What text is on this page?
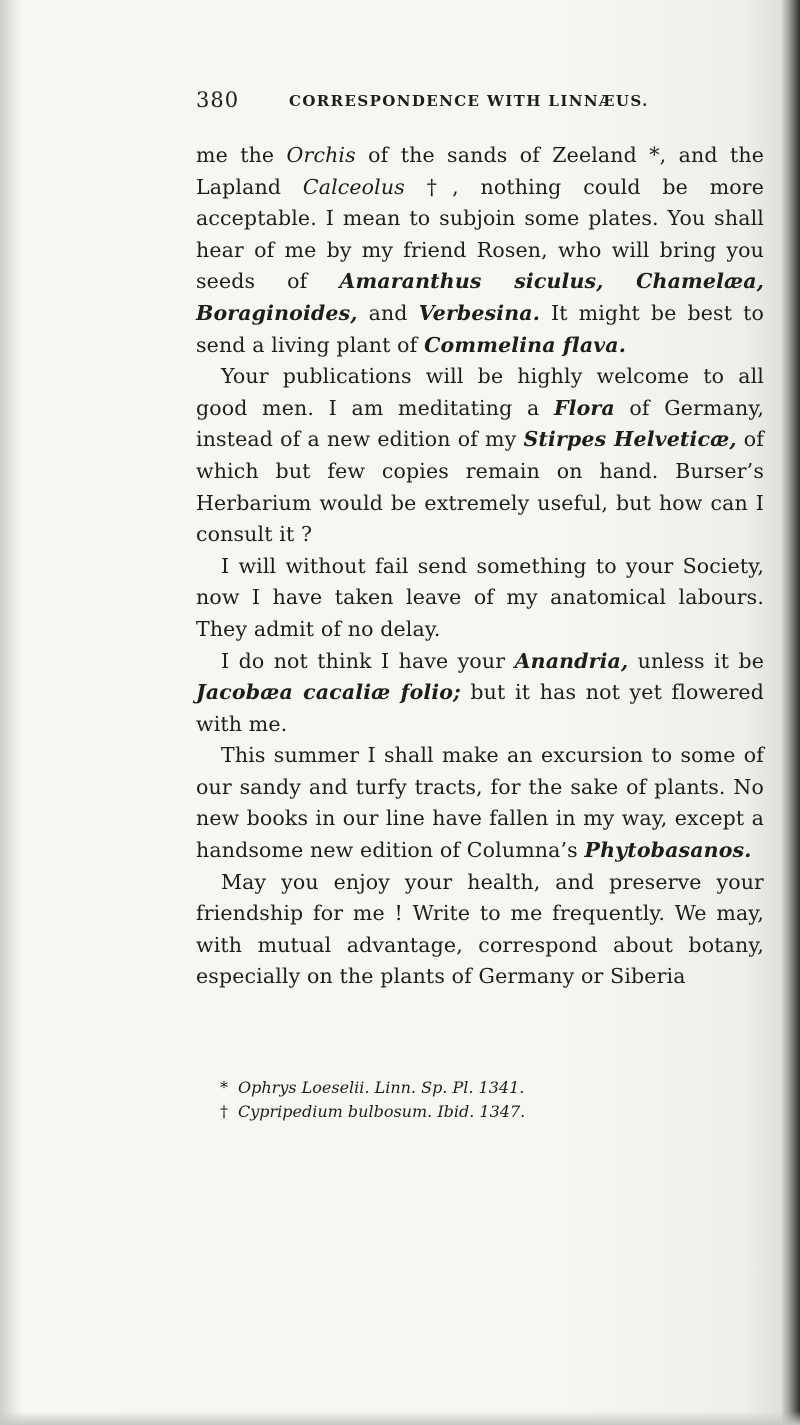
380	CORRESPONDENCE WITH LINNÆUS.

me the Orchis of the sands of Zeeland *, and the Lapland Calceolus †, nothing could be more acceptable. I mean to subjoin some plates. You shall hear of me by my friend Rosen, who will bring you seeds of Amaranthus siculus, Chamelæa, Boraginoides, and Verbesina. It might be best to send a living plant of Commelina flava.

Your publications will be highly welcome to all good men. I am meditating a Flora of Germany, instead of a new edition of my Stirpes Helveticæ, of which but few copies remain on hand. Burser’s Herbarium would be extremely useful, but how can I consult it ?

I will without fail send something to your Society, now I have taken leave of my anatomical labours. They admit of no delay.

I do not think I have your Anandria, unless it be Jacobæa cacaliæ folio; but it has not yet flowered with me.

This summer I shall make an excursion to some of our sandy and turfy tracts, for the sake of plants. No new books in our line have fallen in my way, except a handsome new edition of Columna’s Phytobasanos.

May you enjoy your health, and preserve your friendship for me ! Write to me frequently. We may, with mutual advantage, correspond about botany, especially on the plants of Germany or Siberia

* Ophrys Loeselii. Linn. Sp. Pl. 1341.

† Cypripedium bulbosum. Ibid. 1347.
